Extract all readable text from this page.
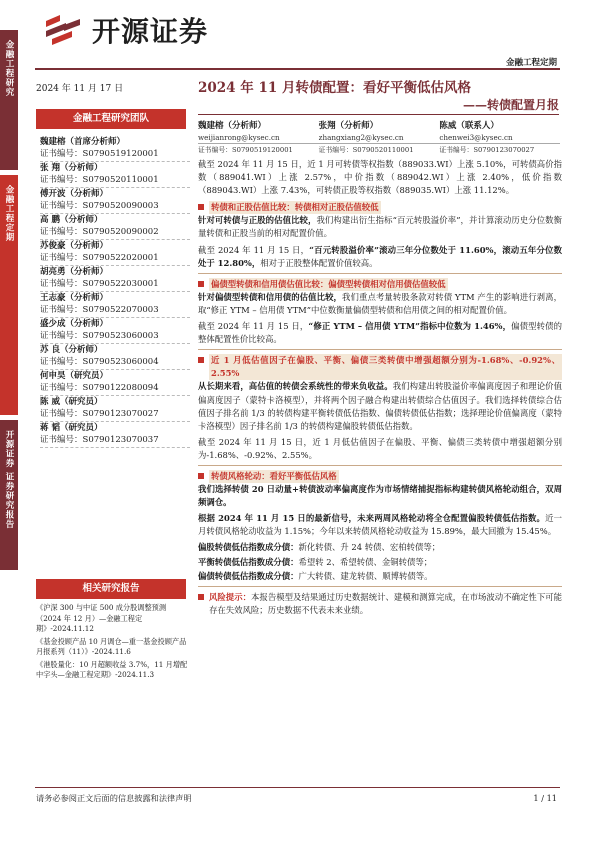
金融工程研究
金融工程定期
开源证券 证券研究报告
开源证券
金融工程定期
2024 年 11 月 17 日
金融工程研究团队
魏建榕（首席分析师）
证书编号：S0790519120001
张 翔（分析师）
证书编号：S0790520110001
傅开波（分析师）
证书编号：S0790520090003
高 鹏（分析师）
证书编号：S0790520090002
苏俊豪（分析师）
证书编号：S0790522020001
胡亮勇（分析师）
证书编号：S0790522030001
王志豪（分析师）
证书编号：S0790522070003
盛少成（分析师）
证书编号：S0790523060003
苏 良（分析师）
证书编号：S0790523060004
何申昊（研究员）
证书编号：S0790122080094
陈 威（研究员）
证书编号：S0790123070027
蒋 韬（研究员）
证书编号：S0790123070037
相关研究报告
《沪深 300 与中证 500 成分股调整预测（2024 年 12 月）—金融工程定期》-2024.11.12
《基金投顾产品 10 月调仓—重一基金投顾产品月报系列（11）》-2024.11.6
《港股量化：10 月超额收益 3.7%，11 月增配中字头—金融工程定期》-2024.11.3
2024 年 11 月转债配置：看好平衡低估风格
——转债配置月报
魏建榕（分析师）
weijianrong@kysec.cn
证书编号：S0790519120001
张翔（分析师）
zhangxiang2@kysec.cn
证书编号：S0790520110001
陈威（联系人）
chenwei3@kysec.cn
证书编号：S0790123070027

截至 2024 年 11 月 15 日，近 1 月可转债等权指数（889033.WI）上涨 5.10%，可转债高价指数（889041.WI）上涨 2.57%，中价指数（889042.WI）上涨 2.40%，低价指数（889043.WI）上涨 7.43%，可转债正股等权指数（889035.WI）上涨 11.12%。

转债和正股估值比较：转债相对正股估值较低

针对可转债与正股的估值比较，我们构建出衍生指标“百元转股溢价率”，并计算滚动历史分位数衡量转债和正股当前的相对配置价值。

截至 2024 年 11 月 15 日，“百元转股溢价率”滚动三年分位数处于 11.60%，滚动五年分位数处于 12.80%，相对于正股整体配置价值较高。

偏债型转债和信用债估值比较：偏债型转债相对信用债估值较低

针对偏债型转债和信用债的估值比较，我们重点考量转股条款对转债 YTM 产生的影响进行剥离，取“修正 YTM – 信用债 YTM”中位数衡量偏债型转债和信用债之间的相对配置价值。

截至 2024 年 11 月 15 日，“修正 YTM – 信用债 YTM”指标中位数为 1.46%，偏债型转债的整体配置性价比较高。

近 1 月低估值因子在偏股、平衡、偏债三类转债中增强超额分别为-1.68%、-0.92%、2.55%

从长期来看，高估值的转债会系统性的带来负收益。我们构建出转股溢价率偏离度因子和理论价值偏离度因子（蒙特卡洛模型），并将两个因子融合构建出转债综合估值因子。我们选择转债综合估值因子排名前 1/3 的转债构建平衡转债低估指数、偏债转债低估指数；选择理论价值偏离度（蒙特卡洛模型）因子排名前 1/3 的转债构建偏股转债低估指数。

截至 2024 年 11 月 15 日，近 1 月低估值因子在偏股、平衡、偏债三类转债中增强超额分别为-1.68%、-0.92%、2.55%。

转债风格轮动：看好平衡低估风格

我们选择转债 20 日动量+转债波动率偏离度作为市场情绪捕捉指标构建转债风格轮动组合，双周频调仓。

根据 2024 年 11 月 15 日的最新信号，未来两周风格轮动将全仓配置偏股转债低估指数。近一月转债风格轮动收益为 1.15%；今年以来转债风格轮动收益为 15.89%，最大回撤为 15.45%。

偏股转债低估指数成分债：新化转债、升 24 转债、宏柏转债等；

平衡转债低估指数成分债：希望转 2、希望转债、金铜转债等；

偏债转债低估指数成分债：广大转债、建龙转债、顺博转债等。

风险提示：本报告模型及结果通过历史数据统计、建模和测算完成，在市场波动不确定性下可能存在失效风险；历史数据不代表未来业绩。
请务必参阅正文后面的信息披露和法律声明	1 / 11
